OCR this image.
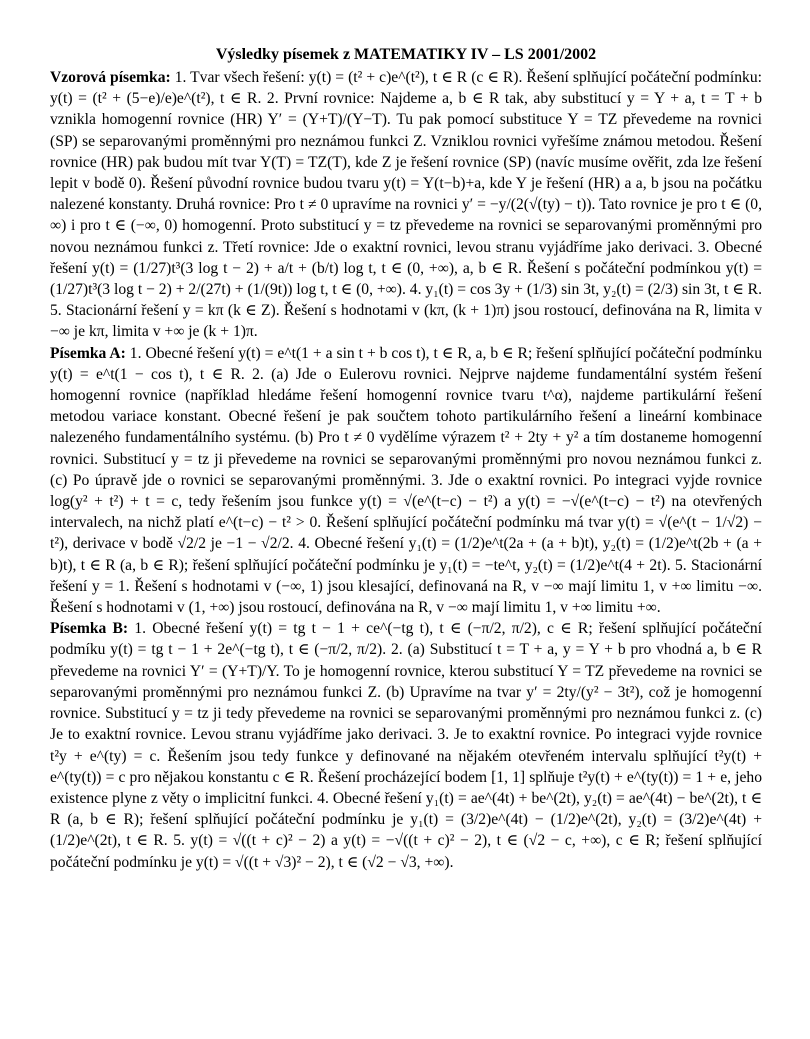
Výsledky písemek z MATEMATIKY IV – LS 2001/2002

Vzorová písemka: 1. Tvar všech řešení: y(t) = (t² + c)e^(t²), t ∈ R (c ∈ R). Řešení splňující počáteční podmínku: y(t) = (t² + (5−e)/e)e^(t²), t ∈ R. 2. První rovnice: Najdeme a, b ∈ R tak, aby substitucí y = Y + a, t = T + b vznikla homogenní rovnice (HR) Y′ = (Y+T)/(Y−T). Tu pak pomocí substituce Y = TZ převedeme na rovnici (SP) se separovanými proměnnými pro neznámou funkci Z. Vzniklou rovnici vyřešíme známou metodou. Řešení rovnice (HR) pak budou mít tvar Y(T) = TZ(T), kde Z je řešení rovnice (SP) (navíc musíme ověřit, zda lze řešení lepit v bodě 0). Řešení původní rovnice budou tvaru y(t) = Y(t−b)+a, kde Y je řešení (HR) a a, b jsou na počátku nalezené konstanty. Druhá rovnice: Pro t ≠ 0 upravíme na rovnici y′ = −y/(2(√(ty) − t)). Tato rovnice je pro t ∈ (0, ∞) i pro t ∈ (−∞, 0) homogenní. Proto substitucí y = tz převedeme na rovnici se separovanými proměnnými pro novou neznámou funkci z. Třetí rovnice: Jde o exaktní rovnici, levou stranu vyjádříme jako derivaci. 3. Obecné řešení y(t) = (1/27)t³(3 log t − 2) + a/t + (b/t) log t, t ∈ (0, +∞), a, b ∈ R. Řešení s počáteční podmínkou y(t) = (1/27)t³(3 log t − 2) + 2/(27t) + (1/(9t)) log t, t ∈ (0, +∞). 4. y₁(t) = cos 3y + (1/3) sin 3t, y₂(t) = (2/3) sin 3t, t ∈ R. 5. Stacionární řešení y = kπ (k ∈ Z). Řešení s hodnotami v (kπ, (k + 1)π) jsou rostoucí, definována na R, limita v −∞ je kπ, limita v +∞ je (k + 1)π.

Písemka A: 1. Obecné řešení y(t) = e^t(1 + a sin t + b cos t), t ∈ R, a, b ∈ R; řešení splňující počáteční podmínku y(t) = e^t(1 − cos t), t ∈ R. 2. (a) Jde o Eulerovu rovnici. Nejprve najdeme fundamentální systém řešení homogenní rovnice (například hledáme řešení homogenní rovnice tvaru t^α), najdeme partikulární řešení metodou variace konstant. Obecné řešení je pak součtem tohoto partikulárního řešení a lineární kombinace nalezeného fundamentálního systému. (b) Pro t ≠ 0 vydělíme výrazem t² + 2ty + y² a tím dostaneme homogenní rovnici. Substitucí y = tz ji převedeme na rovnici se separovanými proměnnými pro novou neznámou funkci z. (c) Po úpravě jde o rovnici se separovanými proměnnými. 3. Jde o exaktní rovnici. Po integraci vyjde rovnice log(y² + t²) + t = c, tedy řešením jsou funkce y(t) = √(e^(t−c) − t²) a y(t) = −√(e^(t−c) − t²) na otevřených intervalech, na nichž platí e^(t−c) − t² > 0. Řešení splňující počáteční podmínku má tvar y(t) = √(e^(t − 1/√2) − t²), derivace v bodě √2/2 je −1 − √2/2. 4. Obecné řešení y₁(t) = (1/2)e^t(2a + (a + b)t), y₂(t) = (1/2)e^t(2b + (a + b)t), t ∈ R (a, b ∈ R); řešení splňující počáteční podmínku je y₁(t) = −te^t, y₂(t) = (1/2)e^t(4 + 2t). 5. Stacionární řešení y = 1. Řešení s hodnotami v (−∞, 1) jsou klesající, definovaná na R, v −∞ mají limitu 1, v +∞ limitu −∞. Řešení s hodnotami v (1, +∞) jsou rostoucí, definována na R, v −∞ mají limitu 1, v +∞ limitu +∞.

Písemka B: 1. Obecné řešení y(t) = tg t − 1 + ce^(−tg t), t ∈ (−π/2, π/2), c ∈ R; řešení splňující počáteční podmíku y(t) = tg t − 1 + 2e^(−tg t), t ∈ (−π/2, π/2). 2. (a) Substitucí t = T + a, y = Y + b pro vhodná a, b ∈ R převedeme na rovnici Y′ = (Y+T)/Y. To je homogenní rovnice, kterou substitucí Y = TZ převedeme na rovnici se separovanými proměnnými pro neznámou funkci Z. (b) Upravíme na tvar y′ = 2ty/(y² − 3t²), což je homogenní rovnice. Substitucí y = tz ji tedy převedeme na rovnici se separovanými proměnnými pro neznámou funkci z. (c) Je to exaktní rovnice. Levou stranu vyjádříme jako derivaci. 3. Je to exaktní rovnice. Po integraci vyjde rovnice t²y + e^(ty) = c. Řešením jsou tedy funkce y definované na nějakém otevřeném intervalu splňující t²y(t) + e^(ty(t)) = c pro nějakou konstantu c ∈ R. Řešení procházející bodem [1, 1] splňuje t²y(t) + e^(ty(t)) = 1 + e, jeho existence plyne z věty o implicitní funkci. 4. Obecné řešení y₁(t) = ae^(4t) + be^(2t), y₂(t) = ae^(4t) − be^(2t), t ∈ R (a, b ∈ R); řešení splňující počáteční podmínku je y₁(t) = (3/2)e^(4t) − (1/2)e^(2t), y₂(t) = (3/2)e^(4t) + (1/2)e^(2t), t ∈ R. 5. y(t) = √((t + c)² − 2) a y(t) = −√((t + c)² − 2), t ∈ (√2 − c, +∞), c ∈ R; řešení splňující počáteční podmínku je y(t) = √((t + √3)² − 2), t ∈ (√2 − √3, +∞).
